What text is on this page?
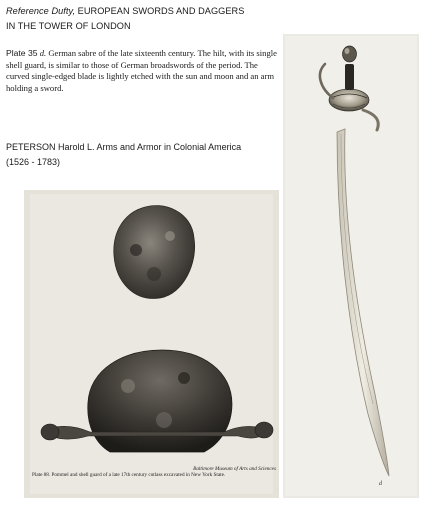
Reference Dufty, EUROPEAN SWORDS AND DAGGERS
IN THE TOWER OF LONDON
Plate 35 d. German sabre of the late sixteenth century. The hilt, with its single shell guard, is similar to those of German broadswords of the period. The curved single-edged blade is lightly etched with the sun and moon and an arm holding a sword.
PETERSON Harold L. Arms and Armor in Colonial America
(1526 - 1783)
Baltimore Museum of Arts and Sciences
Plate 88. Pommel and shell guard of a late 17th century cutlass excavated in New York State.
d
